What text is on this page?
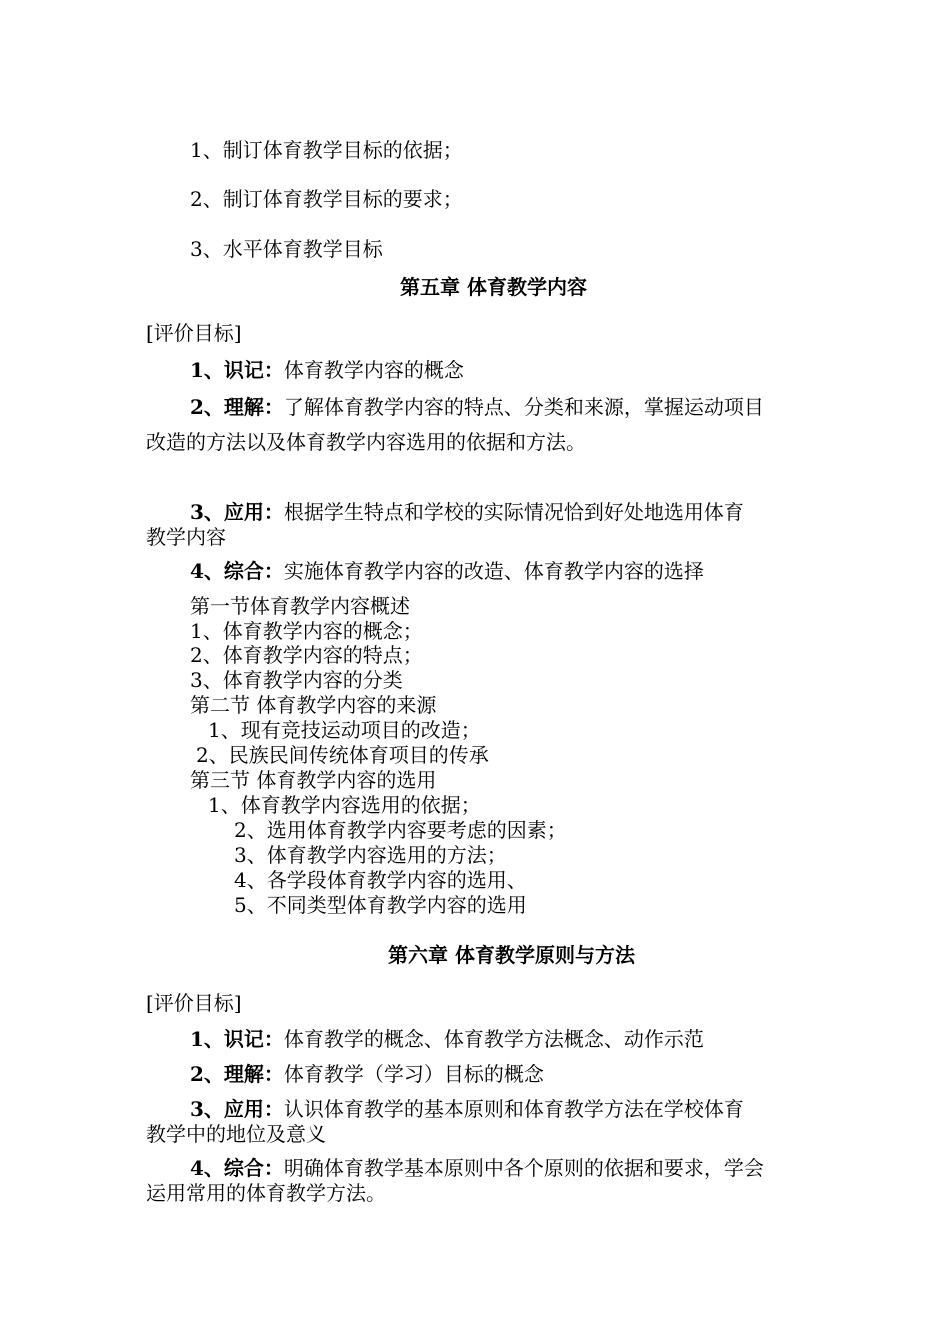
1、制订体育教学目标的依据；
2、制订体育教学目标的要求；
3、水平体育教学目标
第五章 体育教学内容
[评价目标]
1、识记：体育教学内容的概念
2、理解：了解体育教学内容的特点、分类和来源，掌握运动项目
改造的方法以及体育教学内容选用的依据和方法。
3、应用：根据学生特点和学校的实际情况恰到好处地选用体育
教学内容
4、综合：实施体育教学内容的改造、体育教学内容的选择
第一节体育教学内容概述
1、体育教学内容的概念；
2、体育教学内容的特点；
3、体育教学内容的分类
第二节 体育教学内容的来源
1、现有竞技运动项目的改造；
2、民族民间传统体育项目的传承
第三节 体育教学内容的选用
1、体育教学内容选用的依据；
2、选用体育教学内容要考虑的因素；
3、体育教学内容选用的方法；
4、各学段体育教学内容的选用、
5、不同类型体育教学内容的选用
第六章 体育教学原则与方法
[评价目标]
1、识记：体育教学的概念、体育教学方法概念、动作示范
2、理解：体育教学（学习）目标的概念
3、应用：认识体育教学的基本原则和体育教学方法在学校体育
教学中的地位及意义
4、综合：明确体育教学基本原则中各个原则的依据和要求，学会
运用常用的体育教学方法。
